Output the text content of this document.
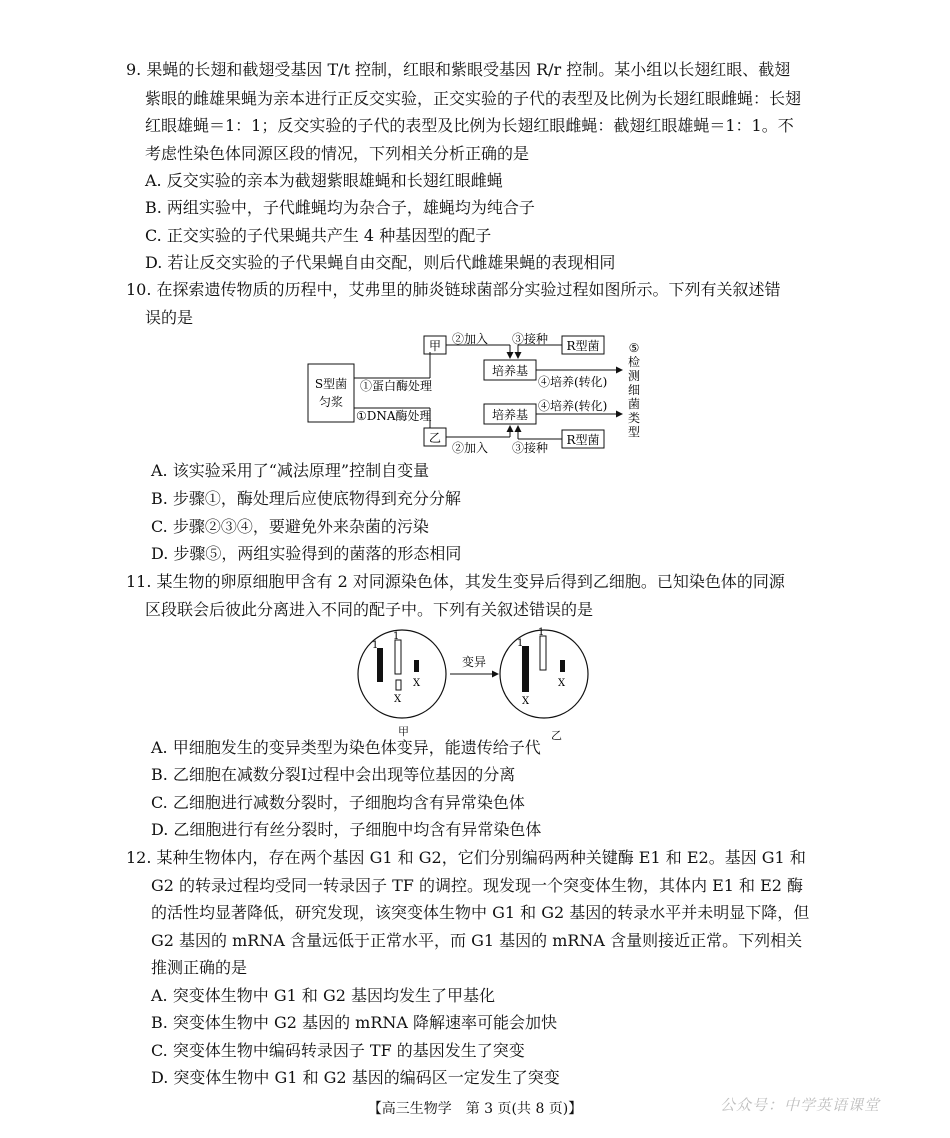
9. 果蝇的长翅和截翅受基因 T/t 控制，红眼和紫眼受基因 R/r 控制。某小组以长翅红眼、截翅
紫眼的雌雄果蝇为亲本进行正反交实验，正交实验的子代的表型及比例为长翅红眼雌蝇：长翅
红眼雄蝇＝1：1；反交实验的子代的表型及比例为长翅红眼雌蝇：截翅红眼雄蝇＝1：1。不
考虑性染色体同源区段的情况，下列相关分析正确的是
A. 反交实验的亲本为截翅紫眼雄蝇和长翅红眼雌蝇
B. 两组实验中，子代雌蝇均为杂合子，雄蝇均为纯合子
C. 正交实验的子代果蝇共产生 4 种基因型的配子
D. 若让反交实验的子代果蝇自由交配，则后代雌雄果蝇的表现相同
10. 在探索遗传物质的历程中，艾弗里的肺炎链球菌部分实验过程如图所示。下列有关叙述错
误的是
S型菌
匀浆
①蛋白酶处理
①DNA酶处理
甲
乙
②加入
②加入
R型菌
③接种
R型菌
③接种
培养基
培养基
④培养(转化)
④培养(转化)
⑤
检
测
细
菌
类
型
A. 该实验采用了“减法原理”控制自变量
B. 步骤①，酶处理后应使底物得到充分分解
C. 步骤②③④，要避免外来杂菌的污染
D. 步骤⑤，两组实验得到的菌落的形态相同
11. 某生物的卵原细胞甲含有 2 对同源染色体，其发生变异后得到乙细胞。已知染色体的同源
区段联会后彼此分离进入不同的配子中。下列有关叙述错误的是
1
1
X
X
变异
1
X
1
X
甲	乙
A. 甲细胞发生的变异类型为染色体变异，能遗传给子代
B. 乙细胞在减数分裂Ⅰ过程中会出现等位基因的分离
C. 乙细胞进行减数分裂时，子细胞均含有异常染色体
D. 乙细胞进行有丝分裂时，子细胞中均含有异常染色体
12. 某种生物体内，存在两个基因 G1 和 G2，它们分别编码两种关键酶 E1 和 E2。基因 G1 和
G2 的转录过程均受同一转录因子 TF 的调控。现发现一个突变体生物，其体内 E1 和 E2 酶
的活性均显著降低，研究发现，该突变体生物中 G1 和 G2 基因的转录水平并未明显下降，但
G2 基因的 mRNA 含量远低于正常水平，而 G1 基因的 mRNA 含量则接近正常。下列相关
推测正确的是
A. 突变体生物中 G1 和 G2 基因均发生了甲基化
B. 突变体生物中 G2 基因的 mRNA 降解速率可能会加快
C. 突变体生物中编码转录因子 TF 的基因发生了突变
D. 突变体生物中 G1 和 G2 基因的编码区一定发生了突变
【高三生物学　第 3 页(共 8 页)】	公众号：中学英语课堂
